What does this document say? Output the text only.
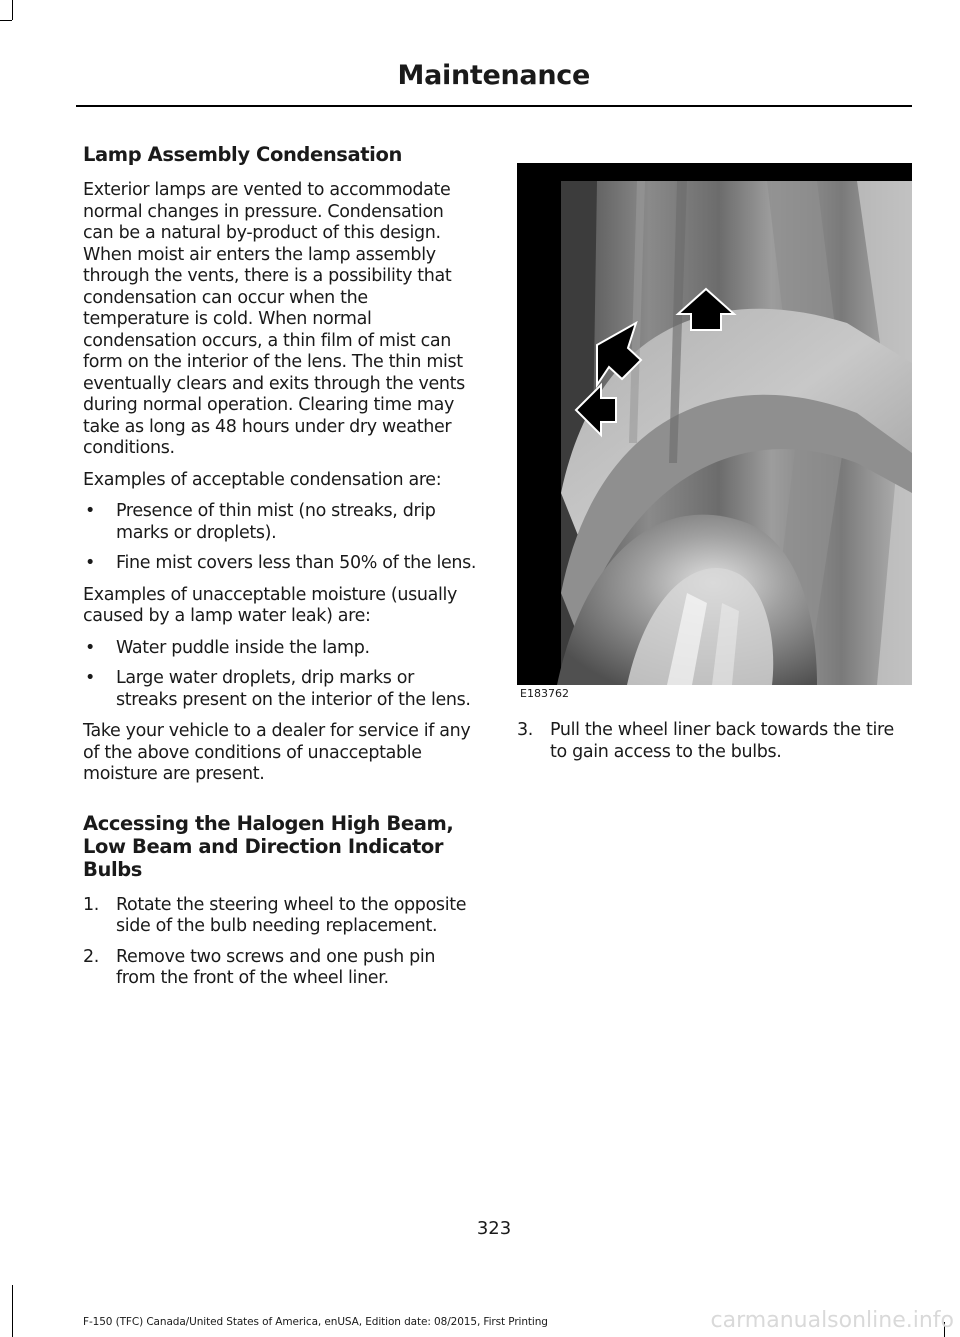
Maintenance
Lamp Assembly Condensation

Exterior lamps are vented to accommodate normal changes in pressure. Condensation can be a natural by-product of this design. When moist air enters the lamp assembly through the vents, there is a possibility that condensation can occur when the temperature is cold. When normal condensation occurs, a thin film of mist can form on the interior of the lens. The thin mist eventually clears and exits through the vents during normal operation. Clearing time may take as long as 48 hours under dry weather conditions.

Examples of acceptable condensation are:

• Presence of thin mist (no streaks, drip marks or droplets).
• Fine mist covers less than 50% of the lens.

Examples of unacceptable moisture (usually caused by a lamp water leak) are:

• Water puddle inside the lamp.
• Large water droplets, drip marks or streaks present on the interior of the lens.

Take your vehicle to a dealer for service if any of the above conditions of unacceptable moisture are present.

Accessing the Halogen High Beam, Low Beam and Direction Indicator Bulbs
1. Rotate the steering wheel to the opposite side of the bulb needing replacement.
2. Remove two screws and one push pin from the front of the wheel liner.
E183762
3. Pull the wheel liner back towards the tire to gain access to the bulbs.
323
F-150 (TFC) Canada/United States of America, enUSA, Edition date: 08/2015, First Printing	carmanualsonline.info
